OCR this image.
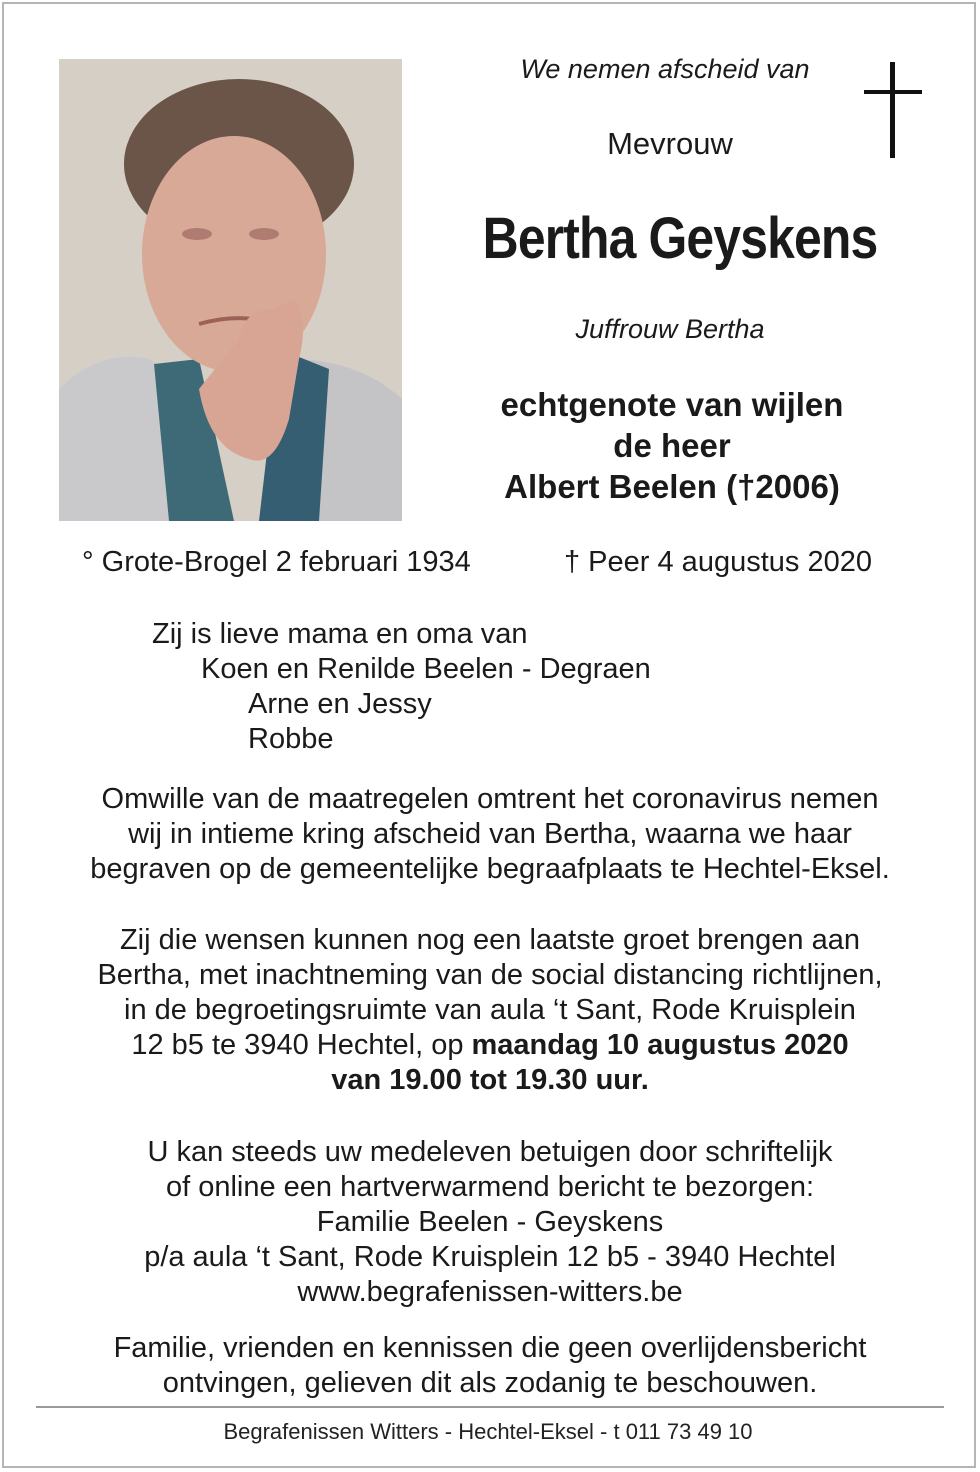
We nemen afscheid van
Mevrouw
Bertha Geyskens
Juffrouw Bertha
echtgenote van wijlen
de heer
Albert Beelen (†2006)
° Grote-Brogel 2 februari 1934	† Peer 4 augustus 2020
Zij is lieve mama en oma van
Koen en Renilde Beelen - Degraen
Arne en Jessy
Robbe
Omwille van de maatregelen omtrent het coronavirus nemen
wij in intieme kring afscheid van Bertha, waarna we haar
begraven op de gemeentelijke begraafplaats te Hechtel-Eksel.
Zij die wensen kunnen nog een laatste groet brengen aan
Bertha, met inachtneming van de social distancing richtlijnen,
in de begroetingsruimte van aula ‘t Sant, Rode Kruisplein
12 b5 te 3940 Hechtel, op maandag 10 augustus 2020
van 19.00 tot 19.30 uur.
U kan steeds uw medeleven betuigen door schriftelijk
of online een hartverwarmend bericht te bezorgen:
Familie Beelen - Geyskens
p/a aula ‘t Sant, Rode Kruisplein 12 b5 - 3940 Hechtel
www.begrafenissen-witters.be
Familie, vrienden en kennissen die geen overlijdensbericht
ontvingen, gelieven dit als zodanig te beschouwen.
Begrafenissen Witters - Hechtel-Eksel - t 011 73 49 10
